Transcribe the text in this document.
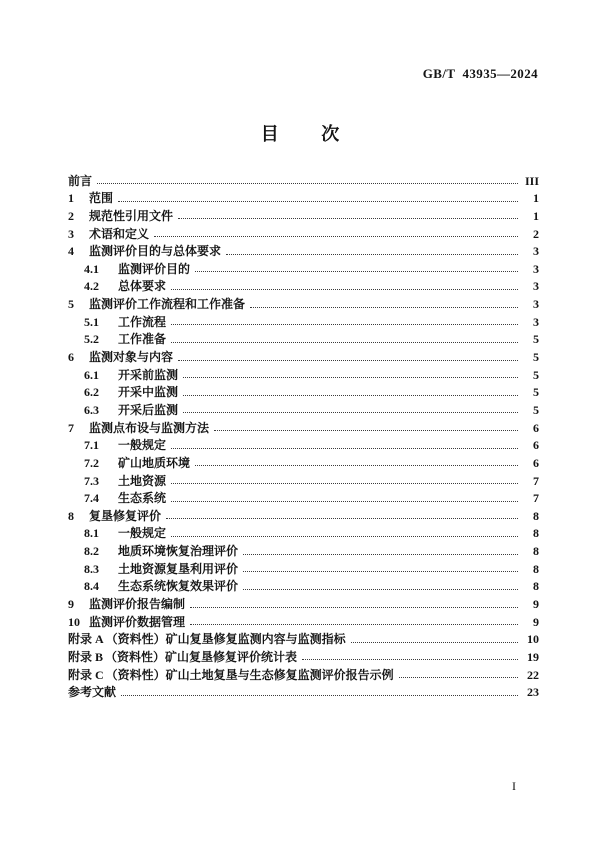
GB/T  43935—2024
目 次
前言	III
1	范围	1
2	规范性引用文件	1
3	术语和定义	2
4	监测评价目的与总体要求	3
4.1	监测评价目的	3
4.2	总体要求	3
5	监测评价工作流程和工作准备	3
5.1	工作流程	3
5.2	工作准备	5
6	监测对象与内容	5
6.1	开采前监测	5
6.2	开采中监测	5
6.3	开采后监测	5
7	监测点布设与监测方法	6
7.1	一般规定	6
7.2	矿山地质环境	6
7.3	土地资源	7
7.4	生态系统	7
8	复垦修复评价	8
8.1	一般规定	8
8.2	地质环境恢复治理评价	8
8.3	土地资源复垦利用评价	8
8.4	生态系统恢复效果评价	8
9	监测评价报告编制	9
10 监测评价数据管理	9
附录 A （资料性）矿山复垦修复监测内容与监测指标	10
附录 B （资料性）矿山复垦修复评价统计表	19
附录 C （资料性）矿山土地复垦与生态修复监测评价报告示例	22
参考文献	23
I
